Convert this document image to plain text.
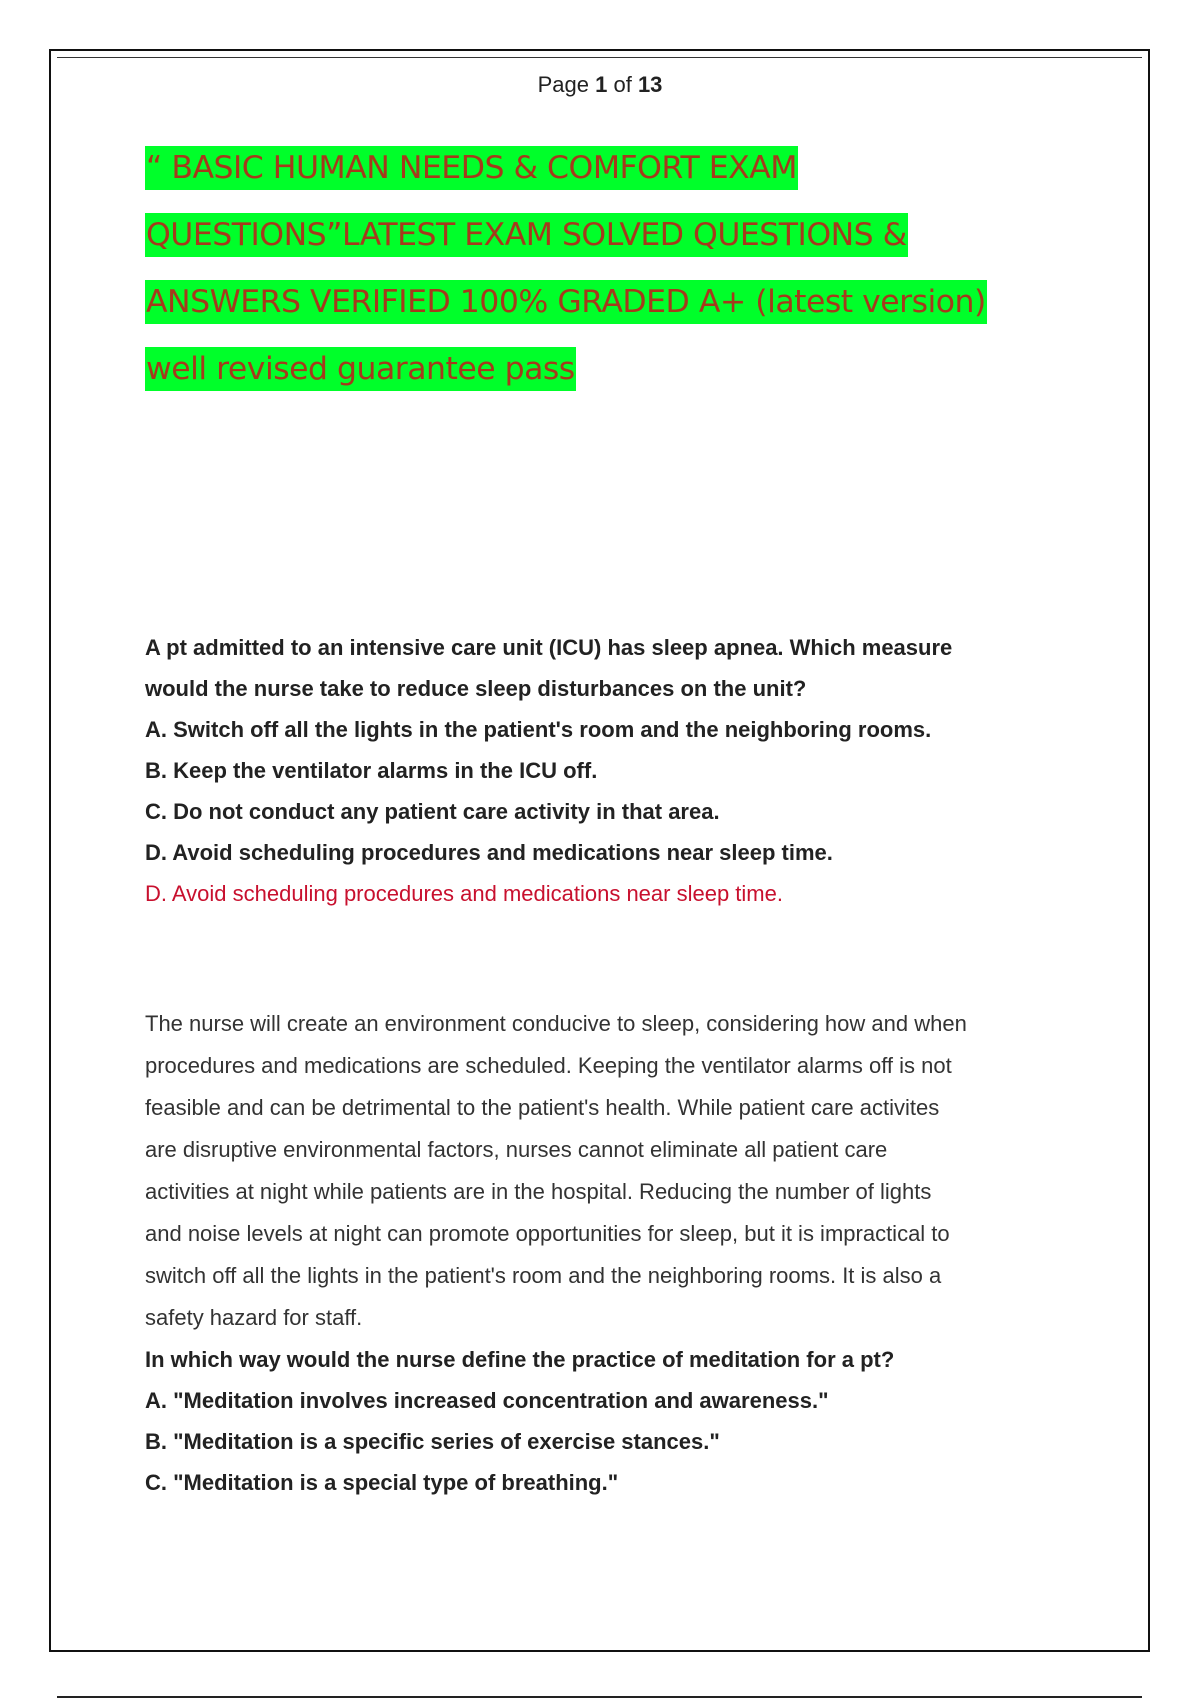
Page 1 of 13
“ BASIC HUMAN NEEDS & COMFORT EXAM
QUESTIONS”LATEST EXAM SOLVED QUESTIONS &
ANSWERS VERIFIED 100% GRADED A+ (latest version)
well revised guarantee pass
A pt admitted to an intensive care unit (ICU) has sleep apnea. Which measure
would the nurse take to reduce sleep disturbances on the unit?
A. Switch off all the lights in the patient's room and the neighboring rooms.
B. Keep the ventilator alarms in the ICU off.
C. Do not conduct any patient care activity in that area.
D. Avoid scheduling procedures and medications near sleep time.
D. Avoid scheduling procedures and medications near sleep time.
The nurse will create an environment conducive to sleep, considering how and when
procedures and medications are scheduled. Keeping the ventilator alarms off is not
feasible and can be detrimental to the patient's health. While patient care activites
are disruptive environmental factors, nurses cannot eliminate all patient care
activities at night while patients are in the hospital. Reducing the number of lights
and noise levels at night can promote opportunities for sleep, but it is impractical to
switch off all the lights in the patient's room and the neighboring rooms. It is also a
safety hazard for staff.
In which way would the nurse define the practice of meditation for a pt?
A. "Meditation involves increased concentration and awareness."
B. "Meditation is a specific series of exercise stances."
C. "Meditation is a special type of breathing."
